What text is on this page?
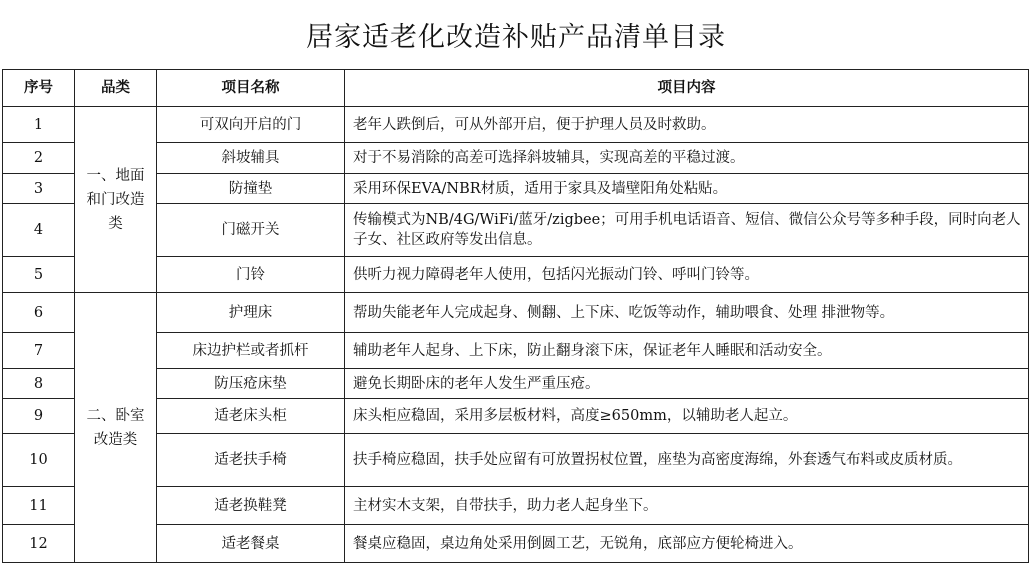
居家适老化改造补贴产品清单目录
序号	品类	项目名称	项目内容
1	一、地面和门改造类	可双向开启的门	老年人跌倒后，可从外部开启，便于护理人员及时救助。
2		斜坡辅具	对于不易消除的高差可选择斜坡辅具，实现高差的平稳过渡。
3		防撞垫	采用环保EVA/NBR材质，适用于家具及墙壁阳角处粘贴。
4		门磁开关	传输模式为NB/4G/WiFi/蓝牙/zigbee；可用手机电话语音、短信、微信公众号等多种手段，同时向老人子女、社区政府等发出信息。
5		门铃	供听力视力障碍老年人使用，包括闪光振动门铃、呼叫门铃等。
6	二、卧室改造类	护理床	帮助失能老年人完成起身、侧翻、上下床、吃饭等动作，辅助喂食、处理 排泄物等。
7		床边护栏或者抓杆	辅助老年人起身、上下床，防止翻身滚下床，保证老年人睡眠和活动安全。
8		防压疮床垫	避免长期卧床的老年人发生严重压疮。
9		适老床头柜	床头柜应稳固，采用多层板材料，高度≥650mm，以辅助老人起立。
10		适老扶手椅	扶手椅应稳固，扶手处应留有可放置拐杖位置，座垫为高密度海绵，外套透气布料或皮质材质。
11		适老换鞋凳	主材实木支架，自带扶手，助力老人起身坐下。
12		适老餐桌	餐桌应稳固，桌边角处采用倒圆工艺，无锐角，底部应方便轮椅进入。
